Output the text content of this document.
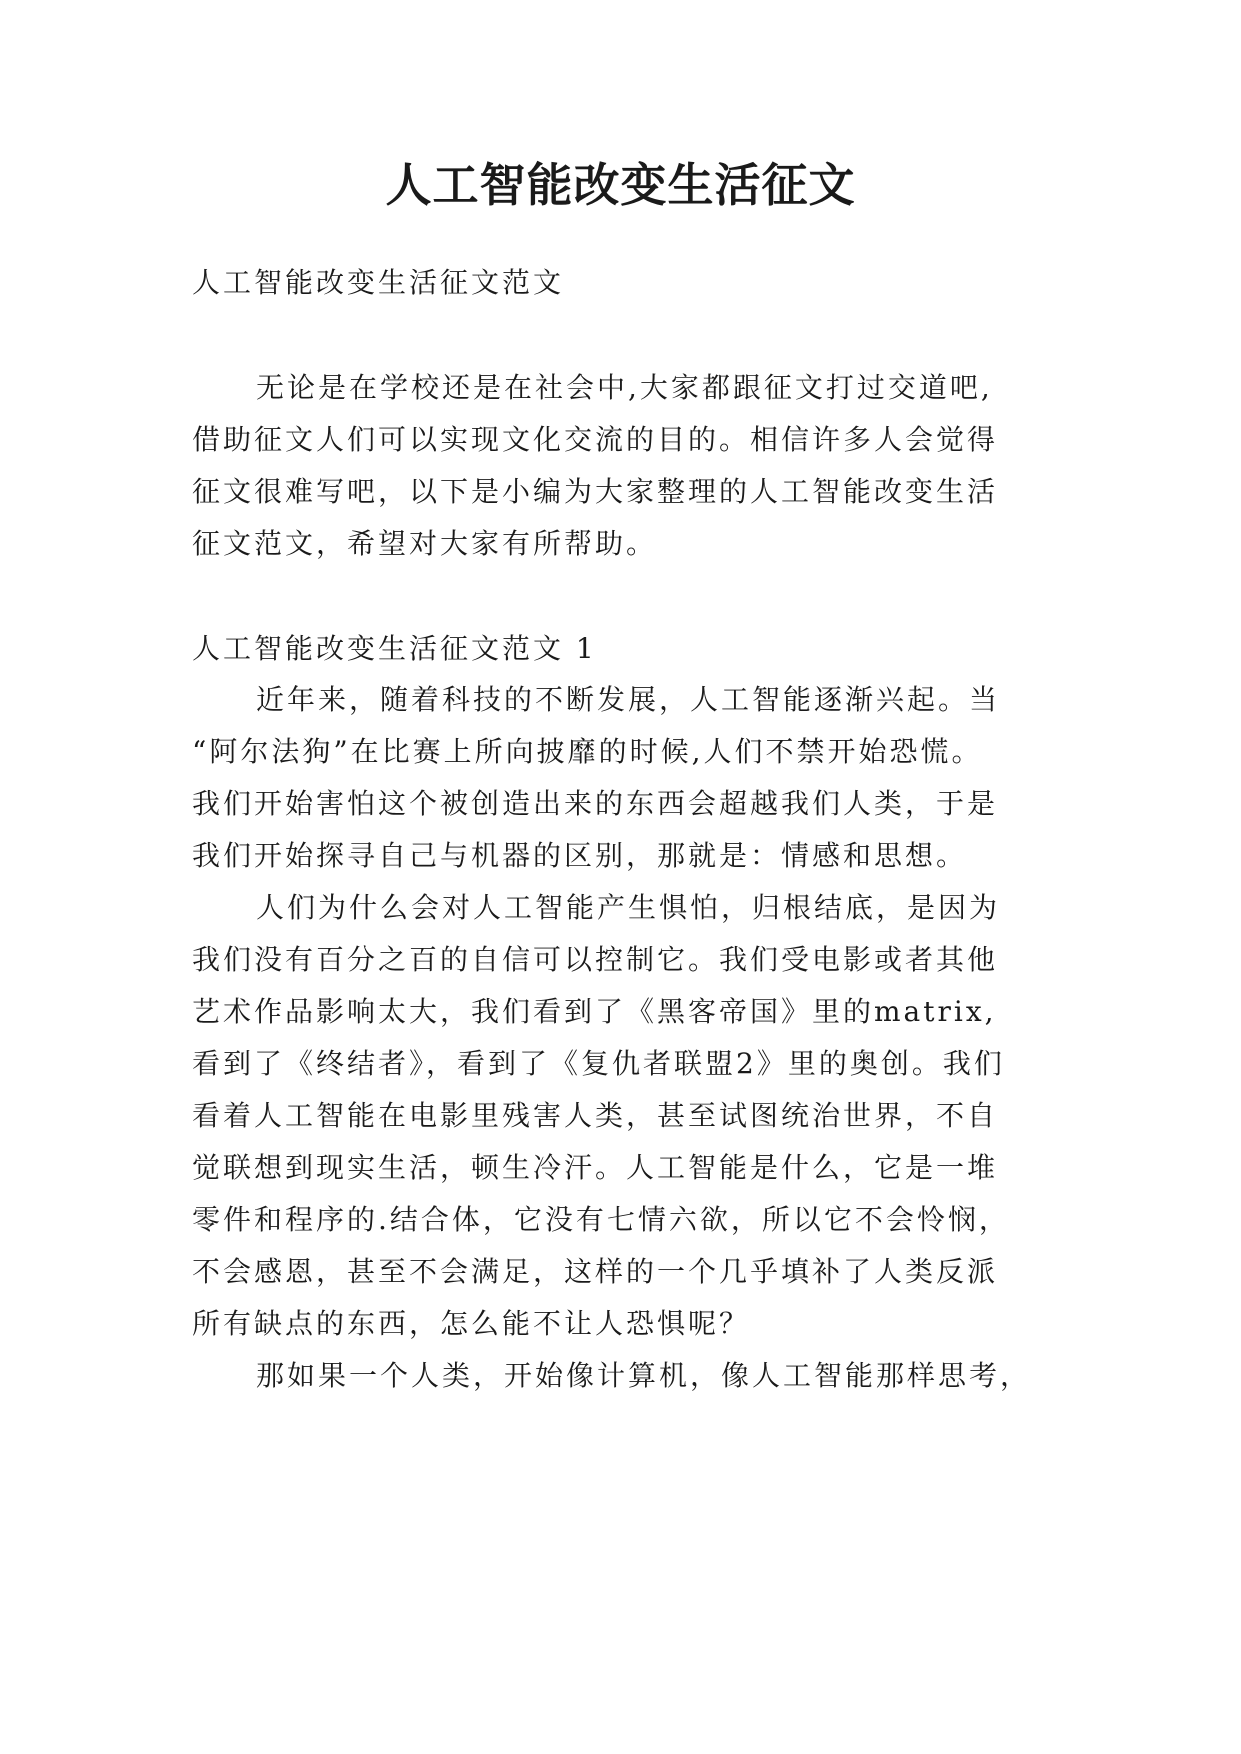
人工智能改变生活征文
人工智能改变生活征文范文
无论是在学校还是在社会中,大家都跟征文打过交道吧,
借助征文人们可以实现文化交流的目的。相信许多人会觉得
征文很难写吧，以下是小编为大家整理的人工智能改变生活
征文范文，希望对大家有所帮助。
人工智能改变生活征文范文 1
近年来，随着科技的不断发展，人工智能逐渐兴起。当
“阿尔法狗”在比赛上所向披靡的时候,人们不禁开始恐慌。
我们开始害怕这个被创造出来的东西会超越我们人类，于是
我们开始探寻自己与机器的区别，那就是：情感和思想。
人们为什么会对人工智能产生惧怕，归根结底，是因为
我们没有百分之百的自信可以控制它。我们受电影或者其他
艺术作品影响太大，我们看到了《黑客帝国》里的matrix,
看到了《终结者》，看到了《复仇者联盟2》里的奥创。我们
看着人工智能在电影里残害人类，甚至试图统治世界，不自
觉联想到现实生活，顿生冷汗。人工智能是什么，它是一堆
零件和程序的.结合体，它没有七情六欲，所以它不会怜悯，
不会感恩，甚至不会满足，这样的一个几乎填补了人类反派
所有缺点的东西，怎么能不让人恐惧呢？
那如果一个人类，开始像计算机，像人工智能那样思考，
